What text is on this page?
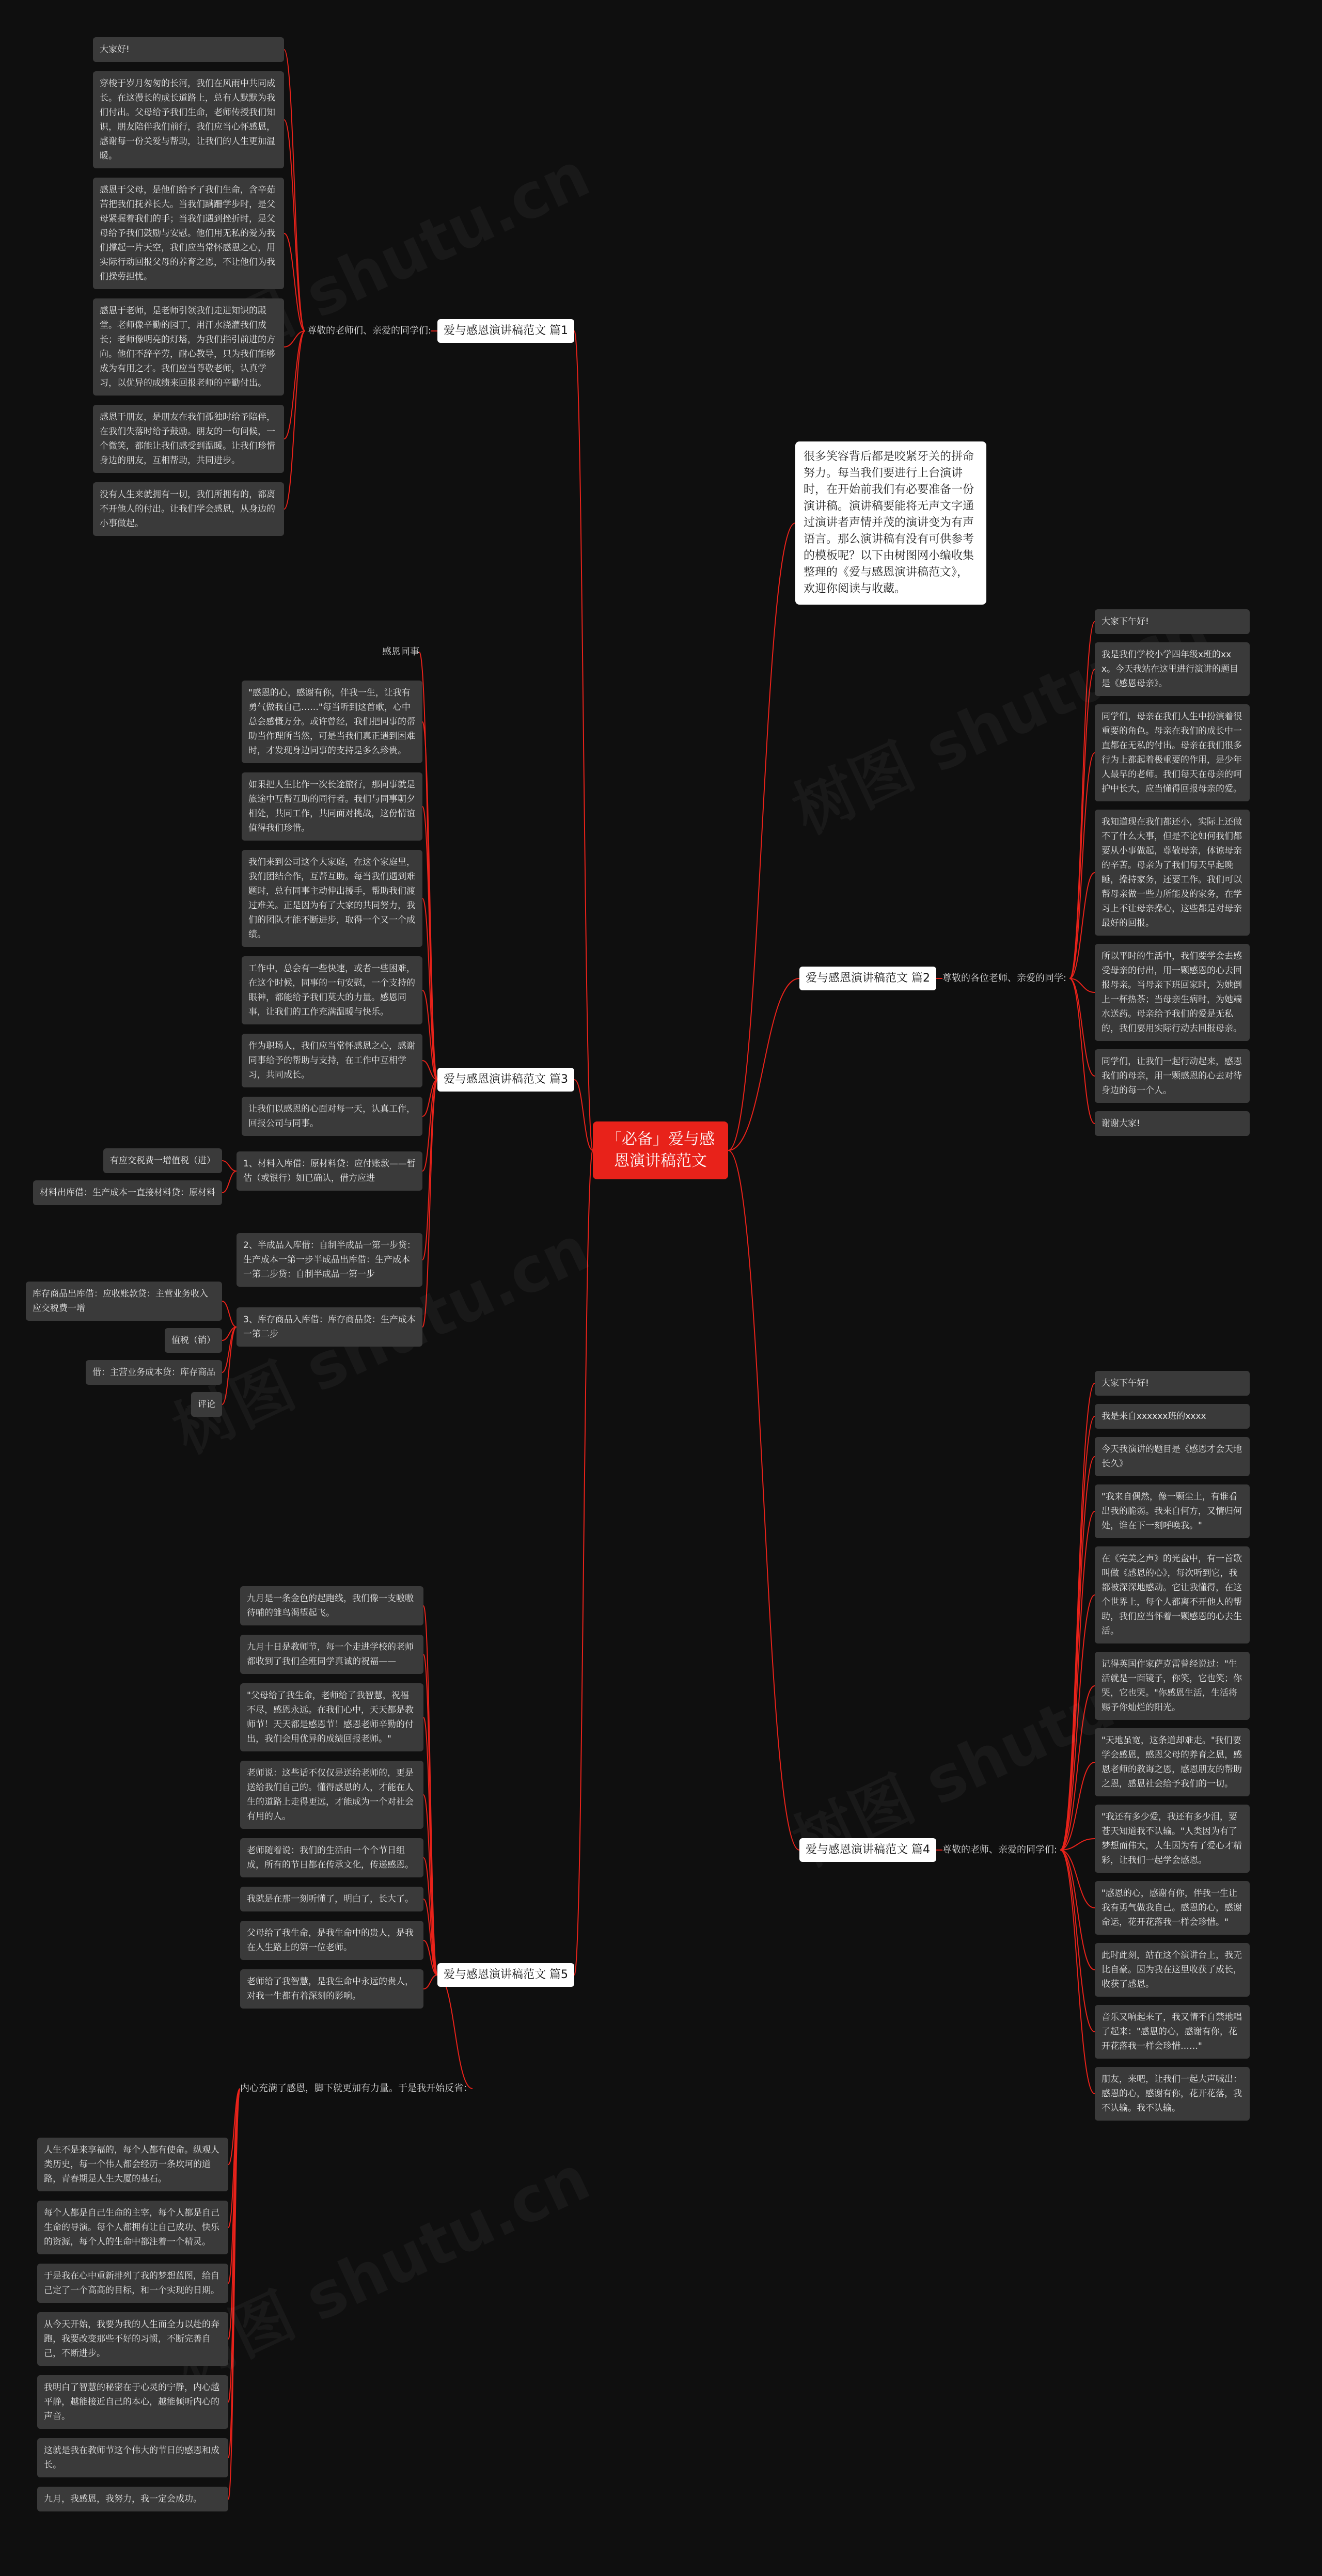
「必备」爱与感恩演讲稿范文
很多笑容背后都是咬紧牙关的拼命努力。每当我们要进行上台演讲时，在开始前我们有必要准备一份演讲稿。演讲稿要能将无声文字通过演讲者声情并茂的演讲变为有声语言。那么演讲稿有没有可供参考的模板呢？以下由树图网小编收集整理的《爱与感恩演讲稿范文》，欢迎你阅读与收藏。
爱与感恩演讲稿范文 篇2	尊敬的各位老师、亲爱的同学:
大家下午好!
我是我们学校小学四年级x班的xxx。今天我站在这里进行演讲的题目是《感恩母亲》。
同学们，母亲在我们人生中扮演着很重要的角色。母亲在我们的成长中一直都在无私的付出。母亲在我们很多行为上都起着极重要的作用，是少年人最早的老师。我们每天在母亲的呵护中长大，应当懂得回报母亲的爱。
我知道现在我们都还小，实际上还做不了什么大事，但是不论如何我们都要从小事做起，尊敬母亲，体谅母亲的辛苦。母亲为了我们每天早起晚睡，操持家务，还要工作。我们可以帮母亲做一些力所能及的家务，在学习上不让母亲操心，这些都是对母亲最好的回报。
所以平时的生活中，我们要学会去感受母亲的付出，用一颗感恩的心去回报母亲。当母亲下班回家时，为她倒上一杯热茶；当母亲生病时，为她端水送药。母亲给予我们的爱是无私的，我们要用实际行动去回报母亲。
同学们，让我们一起行动起来，感恩我们的母亲，用一颗感恩的心去对待身边的每一个人。
谢谢大家!
爱与感恩演讲稿范文 篇4	尊敬的老师、亲爱的同学们:
大家下午好!
我是来自xxxxxx班的xxxx
今天我演讲的题目是《感恩才会天地长久》
"我来自偶然，像一颗尘土，有谁看出我的脆弱。我来自何方，又情归何处，谁在下一刻呼唤我。"
在《完美之声》的光盘中，有一首歌叫做《感恩的心》，每次听到它，我都被深深地感动。它让我懂得，在这个世界上，每个人都离不开他人的帮助，我们应当怀着一颗感恩的心去生活。
记得英国作家萨克雷曾经说过："生活就是一面镜子，你笑，它也笑；你哭，它也哭。"你感恩生活，生活将赐予你灿烂的阳光。
"天地虽宽，这条道却难走。"我们要学会感恩，感恩父母的养育之恩，感恩老师的教诲之恩，感恩朋友的帮助之恩，感恩社会给予我们的一切。
"我还有多少爱，我还有多少泪，要苍天知道我不认输。"人类因为有了梦想而伟大，人生因为有了爱心才精彩，让我们一起学会感恩。
"感恩的心，感谢有你，伴我一生让我有勇气做我自己。感恩的心，感谢命运，花开花落我一样会珍惜。"
此时此刻，站在这个演讲台上，我无比自豪。因为我在这里收获了成长，收获了感恩。
音乐又响起来了，我又情不自禁地唱了起来："感恩的心，感谢有你，花开花落我一样会珍惜……"
朋友，来吧，让我们一起大声喊出：感恩的心，感谢有你，花开花落，我不认输。我不认输。
爱与感恩演讲稿范文 篇1
尊敬的老师们、亲爱的同学们:
大家好!
穿梭于岁月匆匆的长河，我们在风雨中共同成长。在这漫长的成长道路上，总有人默默为我们付出。父母给予我们生命，老师传授我们知识，朋友陪伴我们前行，我们应当心怀感恩，感谢每一份关爱与帮助，让我们的人生更加温暖。
感恩于父母，是他们给予了我们生命，含辛茹苦把我们抚养长大。当我们蹒跚学步时，是父母紧握着我们的手；当我们遇到挫折时，是父母给予我们鼓励与安慰。他们用无私的爱为我们撑起一片天空，我们应当常怀感恩之心，用实际行动回报父母的养育之恩，不让他们为我们操劳担忧。
感恩于老师，是老师引领我们走进知识的殿堂。老师像辛勤的园丁，用汗水浇灌我们成长；老师像明亮的灯塔，为我们指引前进的方向。他们不辞辛劳，耐心教导，只为我们能够成为有用之才。我们应当尊敬老师，认真学习，以优异的成绩来回报老师的辛勤付出。
感恩于朋友，是朋友在我们孤独时给予陪伴，在我们失落时给予鼓励。朋友的一句问候，一个微笑，都能让我们感受到温暖。让我们珍惜身边的朋友，互相帮助，共同进步。
没有人生来就拥有一切，我们所拥有的，都离不开他人的付出。让我们学会感恩，从身边的小事做起。
爱与感恩演讲稿范文 篇3
感恩同事
"感恩的心，感谢有你，伴我一生，让我有勇气做我自己……"每当听到这首歌，心中总会感慨万分。或许曾经，我们把同事的帮助当作理所当然，可是当我们真正遇到困难时，才发现身边同事的支持是多么珍贵。
如果把人生比作一次长途旅行，那同事就是旅途中互帮互助的同行者。我们与同事朝夕相处，共同工作，共同面对挑战，这份情谊值得我们珍惜。
我们来到公司这个大家庭，在这个家庭里，我们团结合作，互帮互助。每当我们遇到难题时，总有同事主动伸出援手，帮助我们渡过难关。正是因为有了大家的共同努力，我们的团队才能不断进步，取得一个又一个成绩。
工作中，总会有一些快速，或者一些困难，在这个时候，同事的一句安慰，一个支持的眼神，都能给予我们莫大的力量。感恩同事，让我们的工作充满温暖与快乐。
作为职场人，我们应当常怀感恩之心，感谢同事给予的帮助与支持，在工作中互相学习，共同成长。
让我们以感恩的心面对每一天，认真工作，回报公司与同事。
1、材料入库借：原材料贷：应付账款——暂估（或银行）如已确认，借方应进
有应交税费一增值税（进）
材料出库借：生产成本一直接材料贷：原材料
2、半成品入库借：自制半成品一第一步贷：生产成本一第一步半成品出库借：生产成本一第二步贷：自制半成品一第一步
3、库存商品入库借：库存商品贷：生产成本一第二步
库存商品出库借：应收账款贷：主营业务收入应交税费一增
值税（销）
借：主营业务成本贷：库存商品
评论
爱与感恩演讲稿范文 篇5
九月是一条金色的起跑线，我们像一支嗷嗷待哺的雏鸟渴望起飞。
九月十日是教师节，每一个走进学校的老师都收到了我们全班同学真诚的祝福——
"父母给了我生命，老师给了我智慧，祝福不尽，感恩永远。在我们心中，天天都是教师节！天天都是感恩节！感恩老师辛勤的付出，我们会用优异的成绩回报老师。"
老师说：这些话不仅仅是送给老师的，更是送给我们自己的。懂得感恩的人，才能在人生的道路上走得更远，才能成为一个对社会有用的人。
老师随着说：我们的生活由一个个节日组成，所有的节日都在传承文化，传递感恩。
我就是在那一刻听懂了，明白了，长大了。
父母给了我生命，是我生命中的贵人，是我在人生路上的第一位老师。
老师给了我智慧，是我生命中永远的贵人，对我一生都有着深刻的影响。
内心充满了感恩，脚下就更加有力量。于是我开始反省：
人生不是来享福的，每个人都有使命。纵观人类历史，每一个伟人都会经历一条坎坷的道路，青春期是人生大厦的基石。
每个人都是自己生命的主宰，每个人都是自己生命的导演。每个人都拥有让自己成功、快乐的资源，每个人的生命中都注着一个精灵。
于是我在心中重新排列了我的梦想蓝图，给自己定了一个高高的目标，和一个实现的日期。
从今天开始，我要为我的人生而全力以赴的奔跑，我要改变那些不好的习惯，不断完善自己，不断进步。
我明白了智慧的秘密在于心灵的宁静，内心越平静，越能接近自己的本心，越能倾听内心的声音。
这就是我在教师节这个伟大的节日的感恩和成长。
九月，我感恩，我努力，我一定会成功。
